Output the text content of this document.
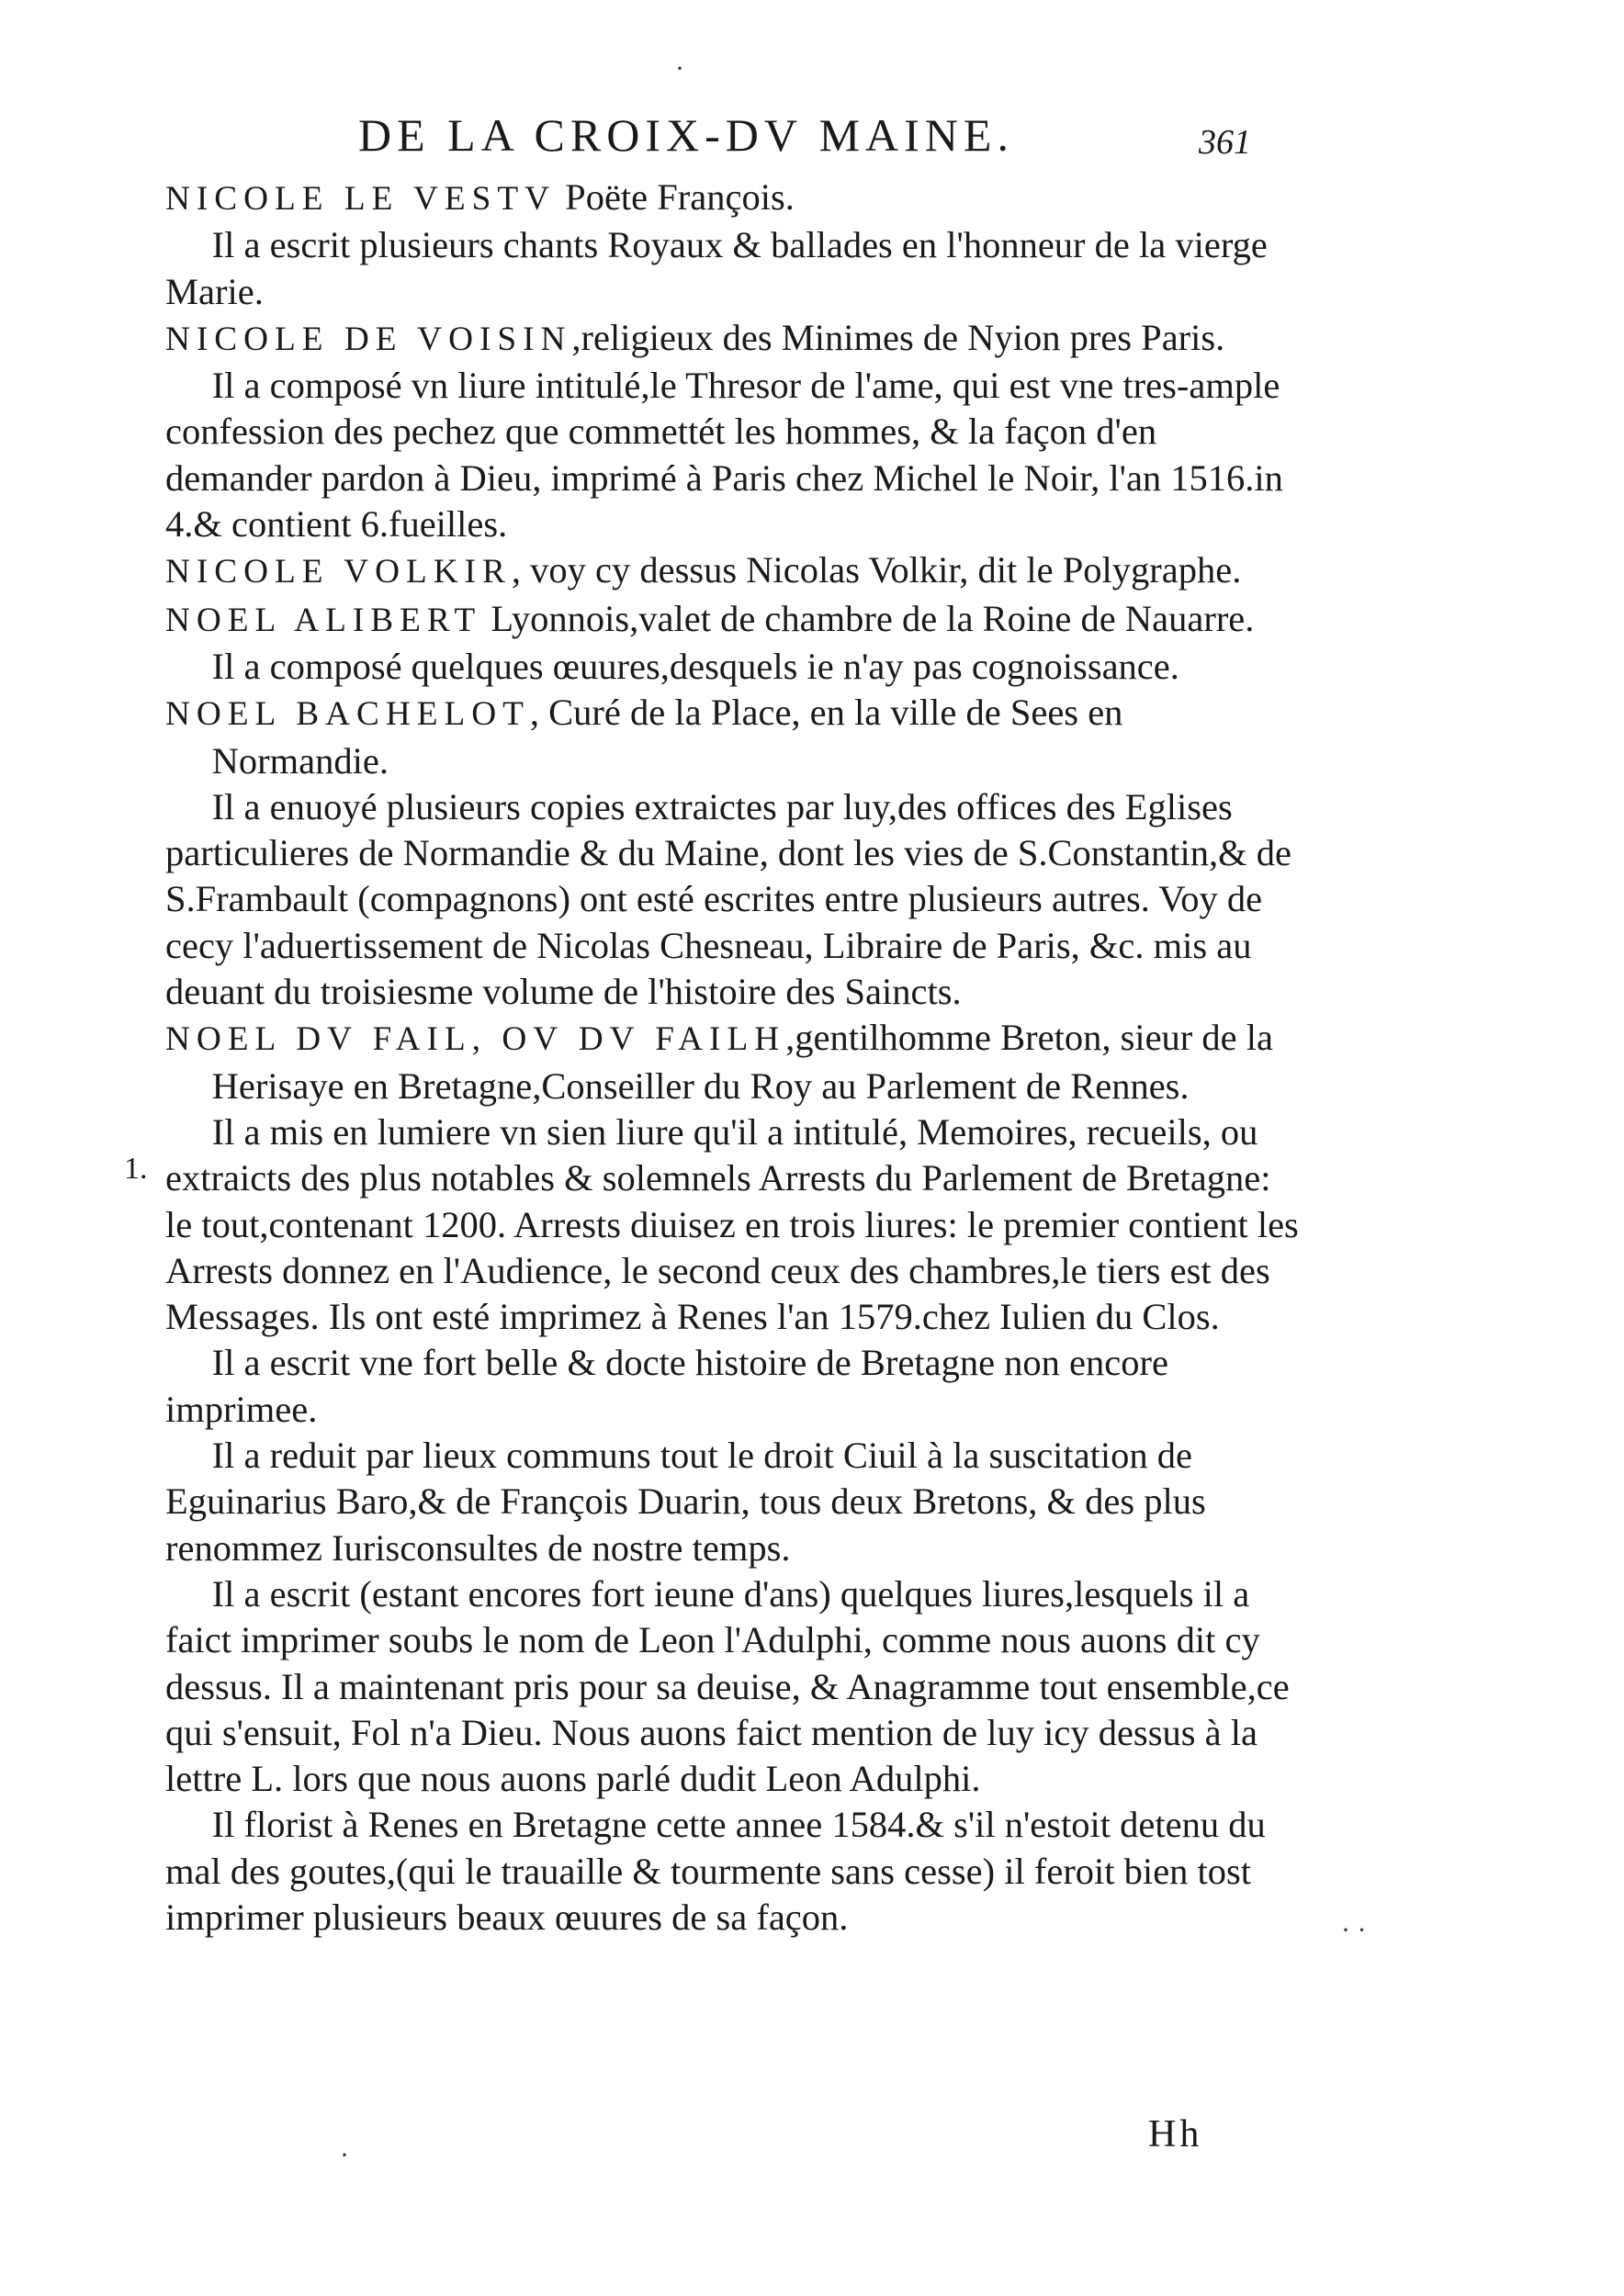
DE LA CROIX-DV MAINE.	361
1.

NICOLE LE VESTV Poëte François.

Il a escrit plusieurs chants Royaux & ballades en l'honneur de la vierge Marie.

NICOLE DE VOISIN,religieux des Minimes de Nyion pres Paris.

Il a composé vn liure intitulé,le Thresor de l'ame, qui est vne tres-ample confession des pechez que commettét les hommes, & la façon d'en demander pardon à Dieu, imprimé à Paris chez Michel le Noir, l'an 1516.in 4.& contient 6.fueilles.

NICOLE VOLKIR, voy cy dessus Nicolas Volkir, dit le Polygraphe.

NOEL ALIBERT Lyonnois,valet de chambre de la Roine de Nauarre.

Il a composé quelques œuures,desquels ie n'ay pas cognoissance.

NOEL BACHELOT, Curé de la Place, en la ville de Sees en Normandie.

Il a enuoyé plusieurs copies extraictes par luy,des offices des Eglises particulieres de Normandie & du Maine, dont les vies de S.Constantin,& de S.Frambault (compagnons) ont esté escrites entre plusieurs autres. Voy de cecy l'aduertissement de Nicolas Chesneau, Libraire de Paris, &c. mis au deuant du troisiesme volume de l'histoire des Saincts.

NOEL DV FAIL, OV DV FAILH,gentilhomme Breton, sieur de la Herisaye en Bretagne,Conseiller du Roy au Parlement de Rennes.

Il a mis en lumiere vn sien liure qu'il a intitulé, Memoires, recueils, ou extraicts des plus notables & solemnels Arrests du Parlement de Bretagne: le tout,contenant 1200. Arrests diuisez en trois liures: le premier contient les Arrests donnez en l'Audience, le second ceux des chambres,le tiers est des Messages. Ils ont esté imprimez à Renes l'an 1579.chez Iulien du Clos.

Il a escrit vne fort belle & docte histoire de Bretagne non encore imprimee.

Il a reduit par lieux communs tout le droit Ciuil à la suscitation de Eguinarius Baro,& de François Duarin, tous deux Bretons, & des plus renommez Iurisconsultes de nostre temps.

Il a escrit (estant encores fort ieune d'ans) quelques liures,lesquels il a faict imprimer soubs le nom de Leon l'Adulphi, comme nous auons dit cy dessus. Il a maintenant pris pour sa deuise, & Anagramme tout ensemble,ce qui s'ensuit, Fol n'a Dieu. Nous auons faict mention de luy icy dessus à la lettre L. lors que nous auons parlé dudit Leon Adulphi.

Il florist à Renes en Bretagne cette annee 1584.& s'il n'estoit detenu du mal des goutes,(qui le trauaille & tourmente sans cesse) il feroit bien tost imprimer plusieurs beaux œuures de sa façon.

Hh
·
· ·
·
